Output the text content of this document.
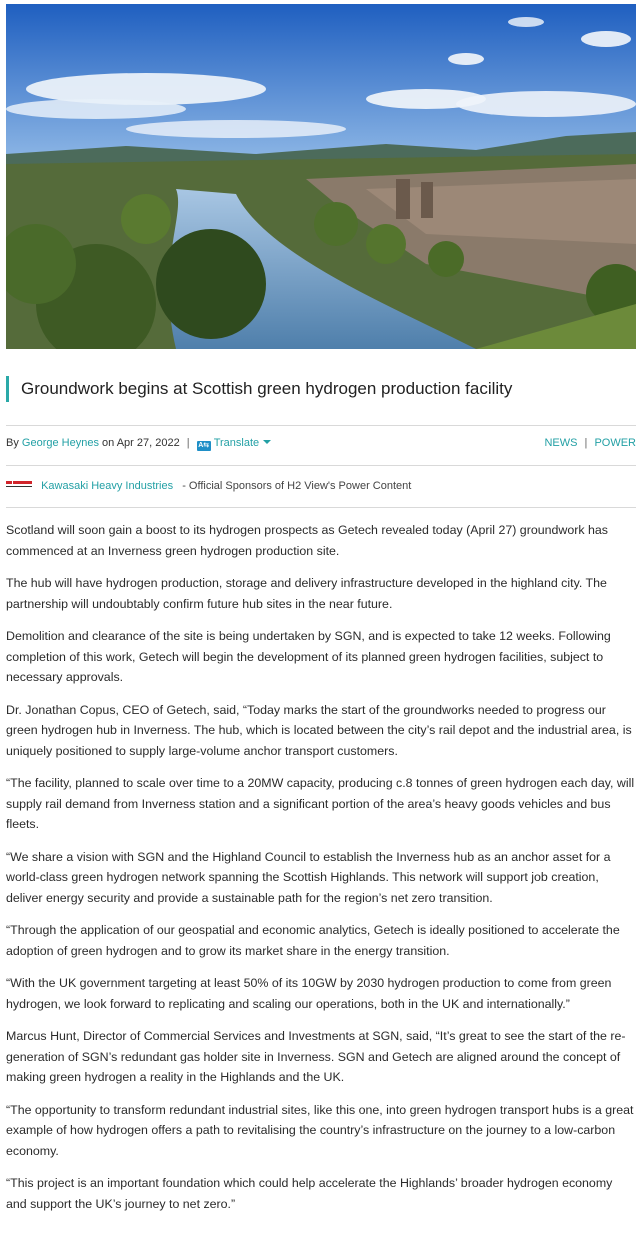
Groundwork begins at Scottish green hydrogen production facility
By George Heynes on Apr 27, 2022 | A⇆ Translate	NEWS | POWER
Kawasaki Heavy Industries - Official Sponsors of H2 View's Power Content

Scotland will soon gain a boost to its hydrogen prospects as Getech revealed today (April 27) groundwork has commenced at an Inverness green hydrogen production site.

The hub will have hydrogen production, storage and delivery infrastructure developed in the highland city. The partnership will undoubtably confirm future hub sites in the near future.

Demolition and clearance of the site is being undertaken by SGN, and is expected to take 12 weeks. Following completion of this work, Getech will begin the development of its planned green hydrogen facilities, subject to necessary approvals.

Dr. Jonathan Copus, CEO of Getech, said, “Today marks the start of the groundworks needed to progress our green hydrogen hub in Inverness. The hub, which is located between the city’s rail depot and the industrial area, is uniquely positioned to supply large-volume anchor transport customers.

“The facility, planned to scale over time to a 20MW capacity, producing c.8 tonnes of green hydrogen each day, will supply rail demand from Inverness station and a significant portion of the area’s heavy goods vehicles and bus fleets.

“We share a vision with SGN and the Highland Council to establish the Inverness hub as an anchor asset for a world-class green hydrogen network spanning the Scottish Highlands. This network will support job creation, deliver energy security and provide a sustainable path for the region’s net zero transition.

“Through the application of our geospatial and economic analytics, Getech is ideally positioned to accelerate the adoption of green hydrogen and to grow its market share in the energy transition.

“With the UK government targeting at least 50% of its 10GW by 2030 hydrogen production to come from green hydrogen, we look forward to replicating and scaling our operations, both in the UK and internationally.”

Marcus Hunt, Director of Commercial Services and Investments at SGN, said, “It’s great to see the start of the re-generation of SGN’s redundant gas holder site in Inverness. SGN and Getech are aligned around the concept of making green hydrogen a reality in the Highlands and the UK.

“The opportunity to transform redundant industrial sites, like this one, into green hydrogen transport hubs is a great example of how hydrogen offers a path to revitalising the country’s infrastructure on the journey to a low-carbon economy.

“This project is an important foundation which could help accelerate the Highlands’ broader hydrogen economy and support the UK’s journey to net zero.”
